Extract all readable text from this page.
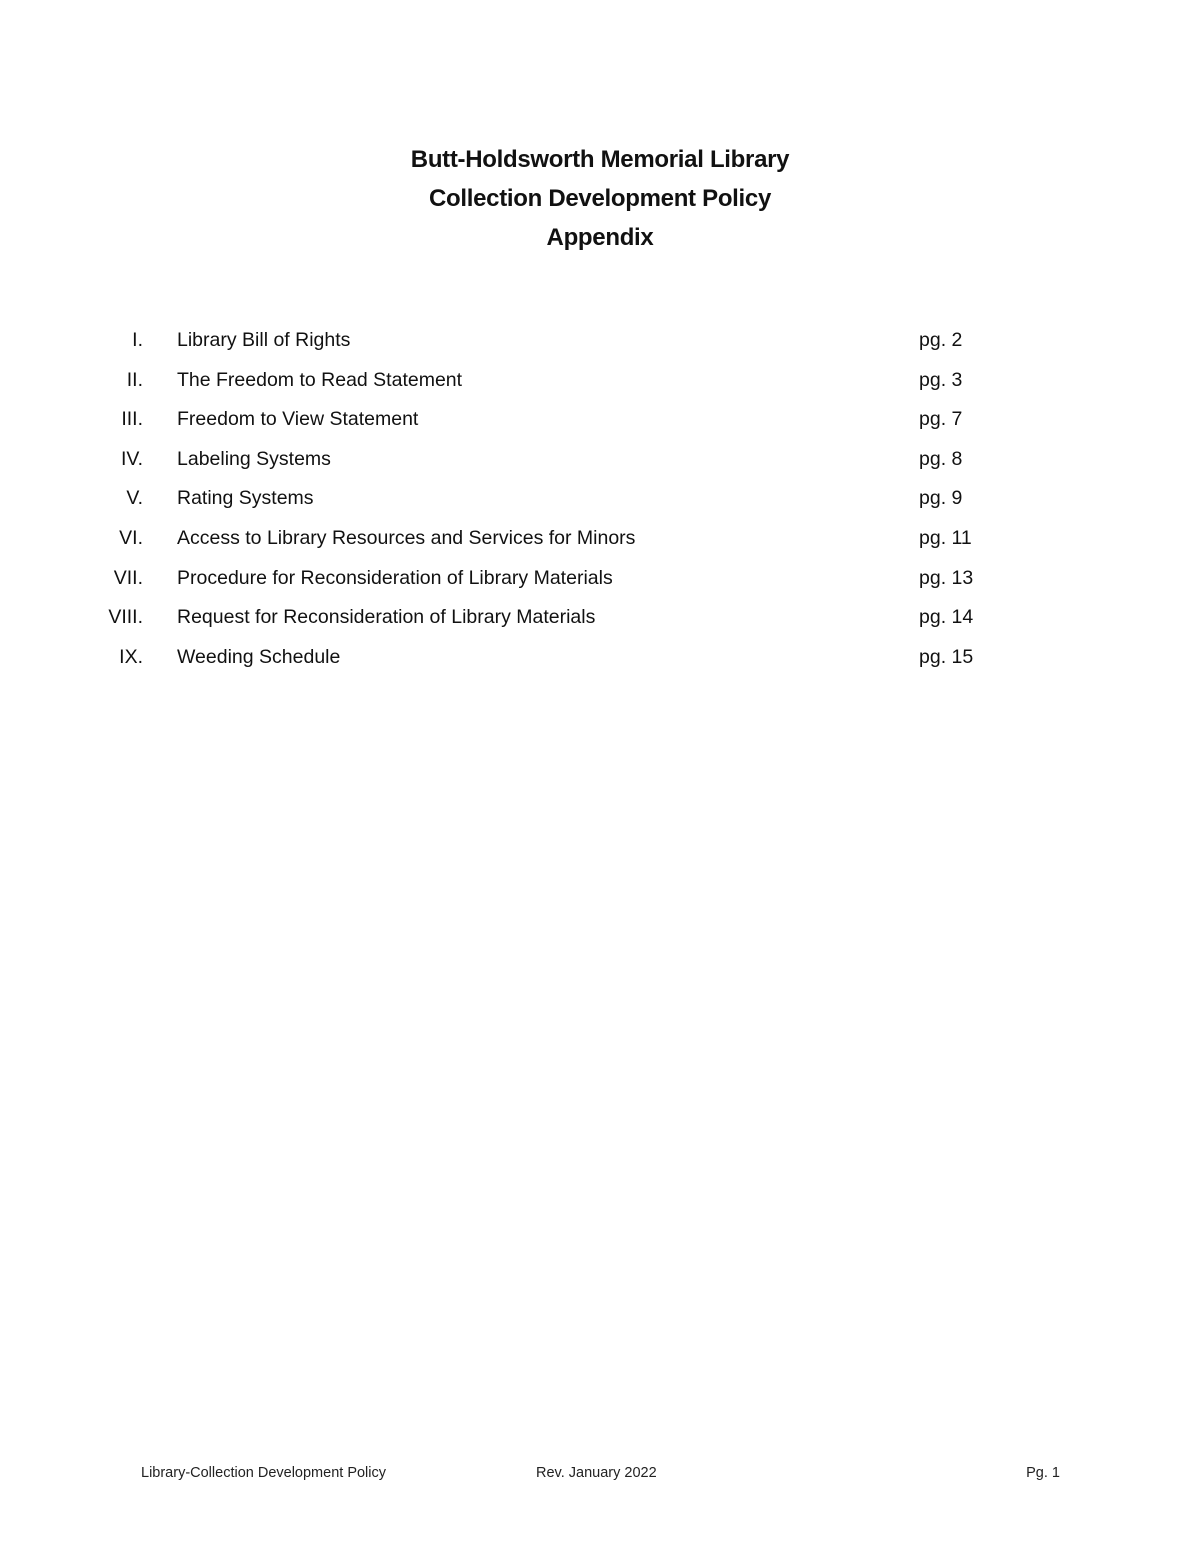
Butt-Holdsworth Memorial Library
Collection Development Policy
Appendix
I. Library Bill of Rights	pg. 2
II. The Freedom to Read Statement	pg. 3
III. Freedom to View Statement	pg. 7
IV. Labeling Systems	pg. 8
V. Rating Systems	pg. 9
VI. Access to Library Resources and Services for Minors	pg. 11
VII. Procedure for Reconsideration of Library Materials	pg. 13
VIII. Request for Reconsideration of Library Materials	pg. 14
IX. Weeding Schedule	pg. 15
Library-Collection Development Policy	Rev. January 2022	Pg. 1
